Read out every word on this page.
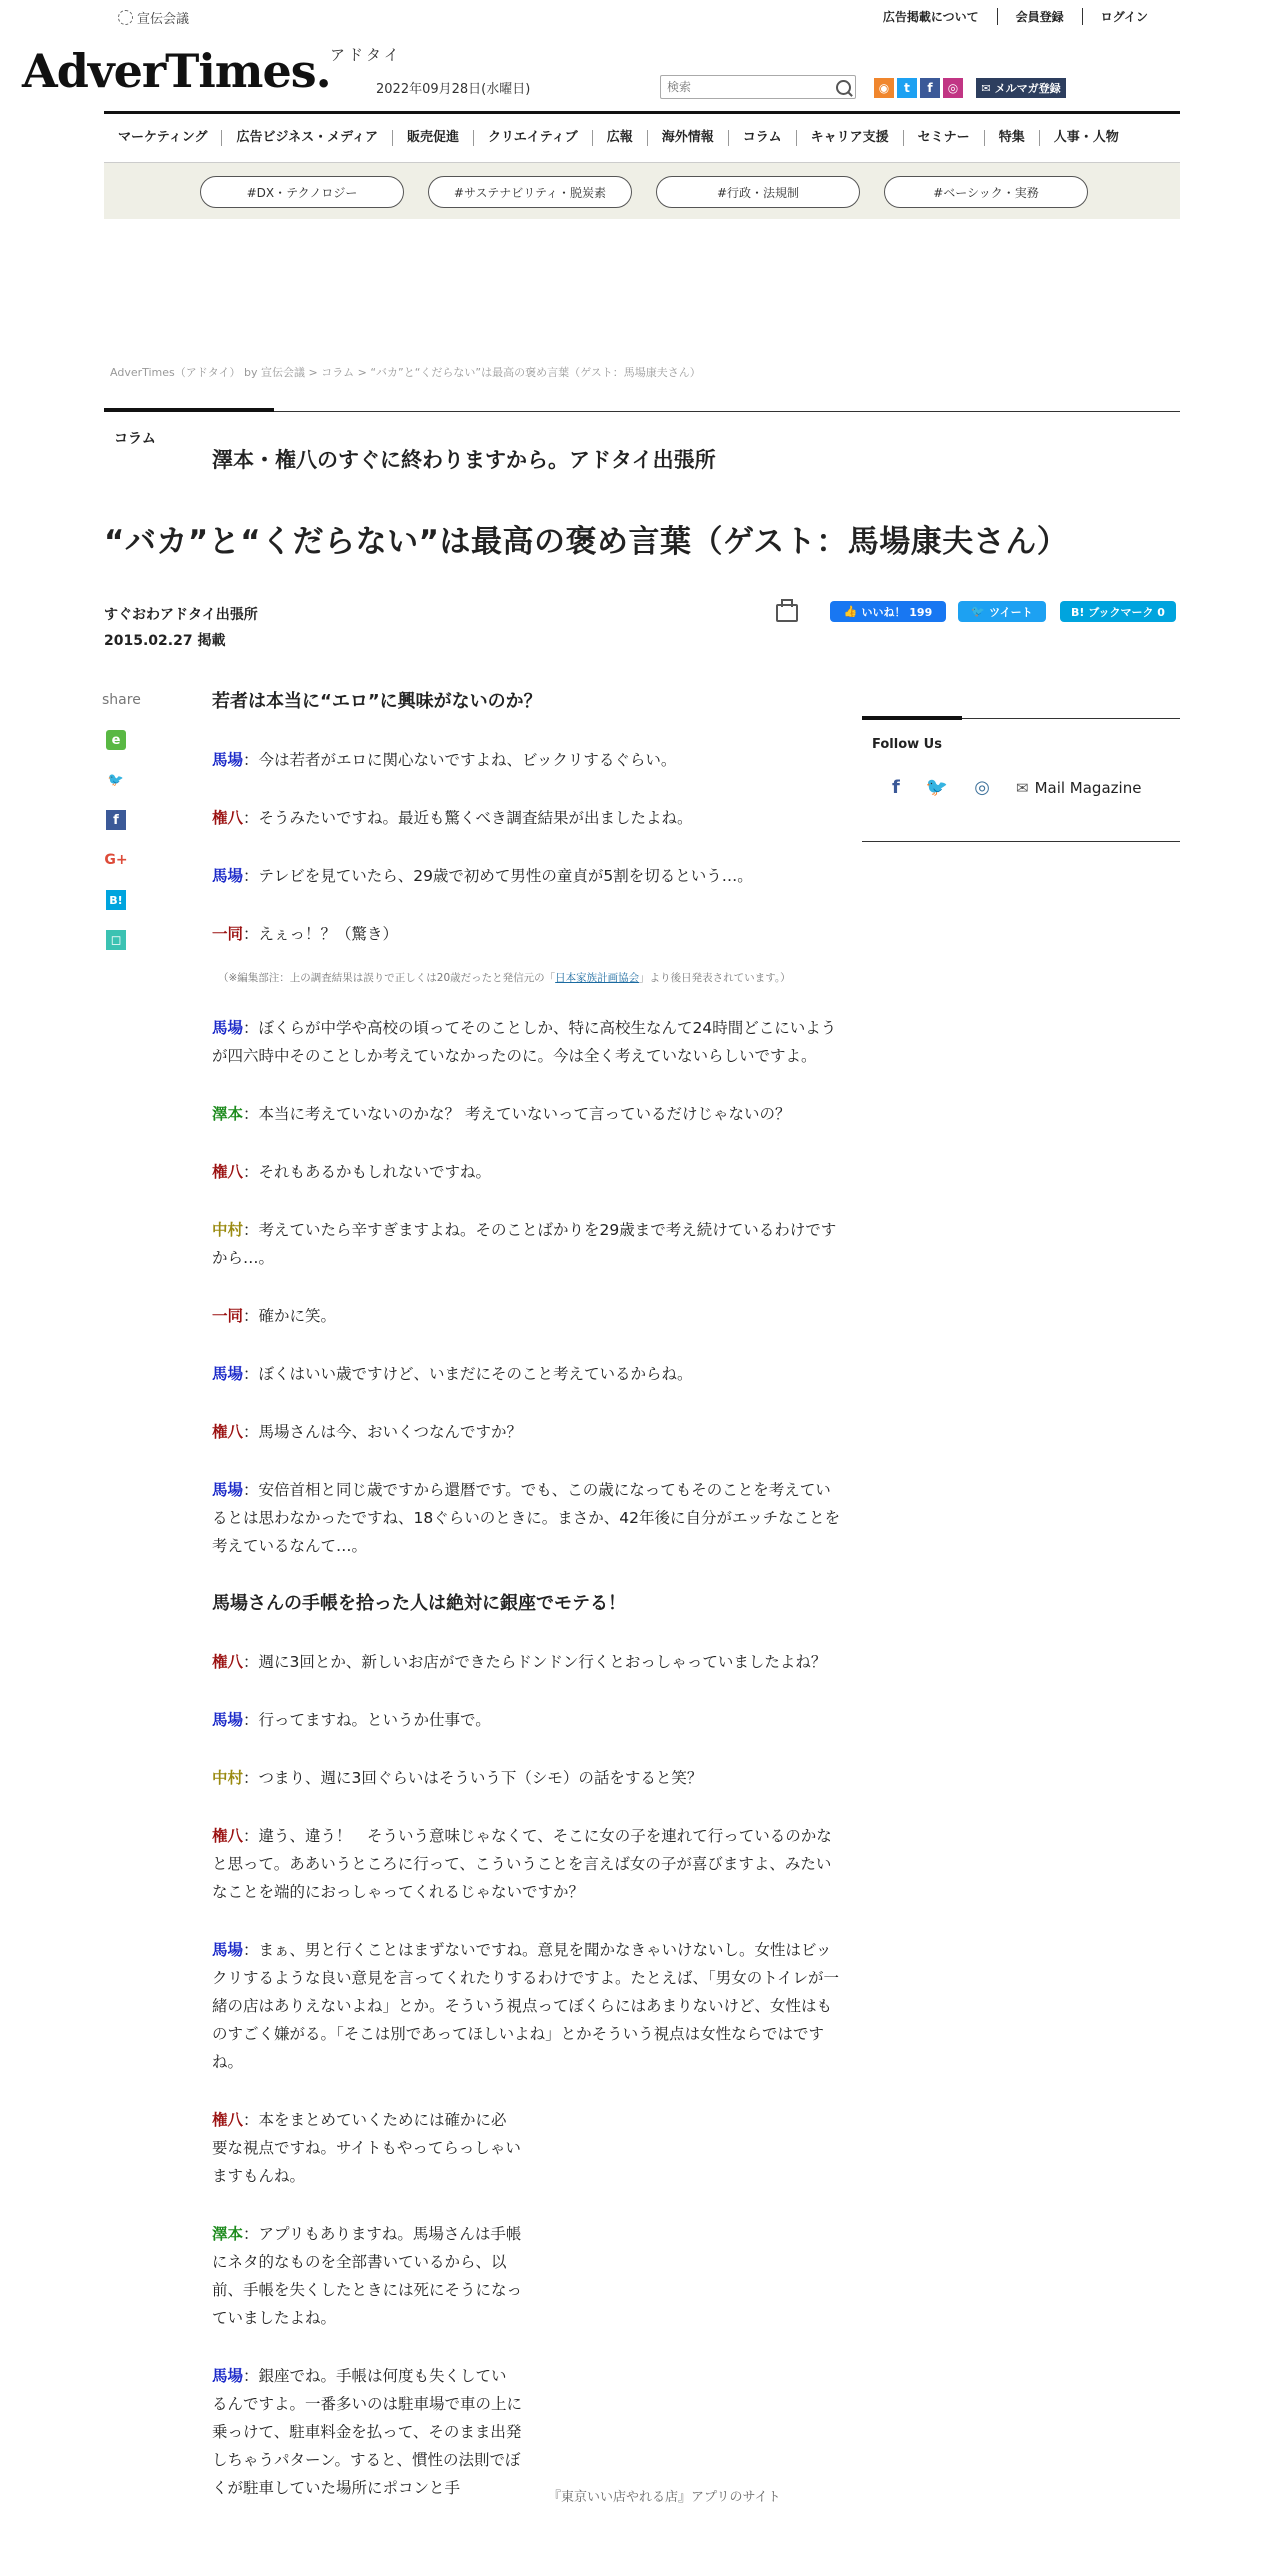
宣伝会議	広告掲載について	会員登録	ログイン
AdverTimes. アドタイ
2022年09月28日(水曜日)
検索	◉	t	f	◎	✉ メルマガ登録
マーケティング	広告ビジネス・メディア	販売促進	クリエイティブ	広報	海外情報	コラム	キャリア支援	セミナー	特集	人事・人物
#DX・テクノロジー	#サステナビリティ・脱炭素	#行政・法規制	#ベーシック・実務
AdverTimes（アドタイ） by 宣伝会議 > コラム > “バカ”と“くだらない”は最高の褒め言葉（ゲスト：馬場康夫さん）
コラム
澤本・権八のすぐに終わりますから。アドタイ出張所
“バカ”と“くだらない”は最高の褒め言葉（ゲスト：馬場康夫さん）
すぐおわアドタイ出張所
2015.02.27 掲載
👍 いいね！ 199	🐦 ツイート	B! ブックマーク 0
share
e
🐦
f
G+
B!
◻
若者は本当に“エロ”に興味がないのか？

馬場：今は若者がエロに関心ないですよね、ビックリするぐらい。

権八：そうみたいですね。最近も驚くべき調査結果が出ましたよね。

馬場：テレビを見ていたら、29歳で初めて男性の童貞が5割を切るという…。

一同：えぇっ！？（驚き）

（※編集部注：上の調査結果は誤りで正しくは20歳だったと発信元の「日本家族計画協会」より後日発表されています。）

馬場：ぼくらが中学や高校の頃ってそのことしか、特に高校生なんて24時間どこにいようが四六時中そのことしか考えていなかったのに。今は全く考えていないらしいですよ。

澤本：本当に考えていないのかな？ 考えていないって言っているだけじゃないの？

権八：それもあるかもしれないですね。

中村：考えていたら辛すぎますよね。そのことばかりを29歳まで考え続けているわけですから…。

一同：確かに笑。

馬場：ぼくはいい歳ですけど、いまだにそのこと考えているからね。

権八：馬場さんは今、おいくつなんですか？

馬場：安倍首相と同じ歳ですから還暦です。でも、この歳になってもそのことを考えているとは思わなかったですね、18ぐらいのときに。まさか、42年後に自分がエッチなことを考えているなんて…。

馬場さんの手帳を拾った人は絶対に銀座でモテる！

権八：週に3回とか、新しいお店ができたらドンドン行くとおっしゃっていましたよね？

馬場：行ってますね。というか仕事で。

中村：つまり、週に3回ぐらいはそういう下（シモ）の話をすると笑？

権八：違う、違う！　そういう意味じゃなくて、そこに女の子を連れて行っているのかなと思って。ああいうところに行って、こういうことを言えば女の子が喜びますよ、みたいなことを端的におっしゃってくれるじゃないですか？

馬場：まぁ、男と行くことはまずないですね。意見を聞かなきゃいけないし。女性はビックリするような良い意見を言ってくれたりするわけですよ。たとえば、「男女のトイレが一緒の店はありえないよね」とか。そういう視点ってぼくらにはあまりないけど、女性はものすごく嫌がる。「そこは別であってほしいよね」とかそういう視点は女性ならではですね。

権八：本をまとめていくためには確かに必要な視点ですね。サイトもやってらっしゃいますもんね。

澤本：アプリもありますね。馬場さんは手帳にネタ的なものを全部書いているから、以前、手帳を失くしたときには死にそうになっていましたよね。

馬場：銀座でね。手帳は何度も失くしているんですよ。一番多いのは駐車場で車の上に乗っけて、駐車料金を払って、そのまま出発しちゃうパターン。すると、慣性の法則でぼくが駐車していた場所にポコンと手

『東京いい店やれる店』アプリのサイト
Follow Us
f 🐦 ◎ ✉ Mail Magazine
